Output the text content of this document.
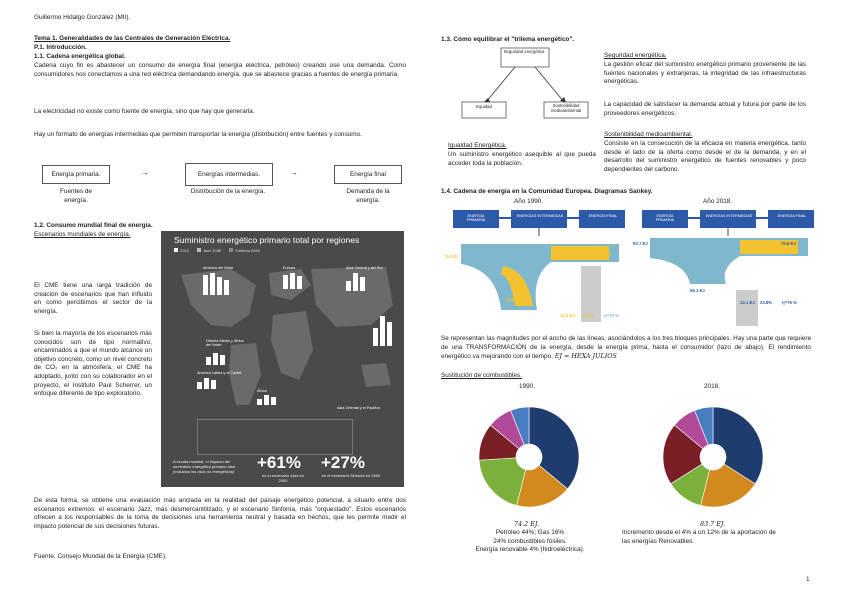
Guillermo Hidalgo González (MII).
Tema 1. Generalidades de las Centrales de Generación Eléctrica.
P.1. Introducción.
1.1. Cadena energética global.
Cadena cuyo fin es abastecer un consumo de energía final (energía eléctrica, petróleo) creando ose una demanda. Como consumidores nos conectamos a una red eléctrica demandando energía, que se abastece gracias a fuentes de energía primaria.
La electricidad no existe como fuente de energía, sino que hay que generarla.
Hay un formato de energías intermedias que permiten transportar la energía (distribución) entre fuentes y consumo.
Energía primaria.	→	Energías intermedias.	→	Energía final
Fuentes de energía.
Distribución de la energía.	Demanda de la energía.
1.2. Consumo mundial final de energía.
Escenarios mundiales de energía.
El CME tiene una larga tradición de creación de escenarios que han influido en como percibimos el sector de la energía.
Si bien la mayoría de los escenarios más conocidos son de tipo normativo, encaminados a que el mundo alcance un objetivo concreto, como un nivel concreto de CO₂ en la atmósfera, el CME ha adoptado, junto con su colaborador en el proyecto, el Instituto Paul Scherrer, un enfoque diferente de tipo exploratorio.
Suministro energético primario total por regiones
2010	Jazz 2050	Sinfonía 2050
América del Norte	Europa	Asia Central y del Sur
Oriente Medio y África del Norte
América Latina y el Caribe
África
Asia Oriental y el Pacífico
A escala mundial, el impacto del suministro energético primario total (incluidos los usos no energéticos)	+61%
en el escenario Jazz en 2050
+27%
en el escenario Sinfonía en 2050
De esta forma, se obtiene una evaluación más anclada en la realidad del paisaje energético potencial, a situarlo entre dos escenarios extremos: el escenario Jazz, más desmercantilizado, y el escenario Sinfonía, más "orquestado". Estos escenarios ofrecen a los responsables de la toma de decisiones una herramienta neutral y basada en hechos, que les permite medir el impacto potencial de sus decisiones futuras.
Fuente, Consejo Mundial de la Energía (CME).
1.3. Cómo equilibrar el "trilema energético".
Seguridad energética
Equidad	Sostenibilidad medioambiental
Seguridad energética.
La gestión eficaz del suministro energético primario proveniente de las fuentes nacionales y extranjeras, la integridad de las infraestructuras energéticas.
La capacidad de satisfacer la demanda actual y futura por parte de los proveedores energéticos.
Sostenibilidad medioambiental.
Consiste en la consecución de la eficacia en materia energética, tanto desde el lado de la oferta como desde el de la demanda, y en el desarrollo del suministro energético de fuentes renovables y poco dependientes del carbono.
Igualdad Energética.
Un suministro energético asequible al que pueda acceder toda la población.
1.4. Cadena de energía en la Comunidad Europea. Diagramas Sankey.
Año 1990.
ENERGÍA PRIMARIA
ENERGÍAS INTERMEDIAS	ENERGÍA FINAL
74.2 EJ	55.7 EJ
53.8 EJ
14.3 EJ 27.1% η=73 %
Año 2018.
ENERGÍA PRIMARIA
ENERGÍAS INTERMEDIAS	ENERGÍA FINAL
83.7 EJ	70.6 EJ
55.1 EJ
13.1 EJ 23.8% η=76 %
Se representan las magnitudes por el ancho de las líneas, asociándolos a los tres bloques principales. Hay una parte que requiere de una TRANSFORMACIÓN de la energía, desde la energía prima, hasta el consumidor (lazo de abajo). El rendimiento energético va mejorando con el tiempo. EJ = HEXA JULIOS
Sustitución de combustibles.
1990.	2018.
74.2 EJ.
Petróleo 44%; Gas 16%
24% combustibles fósiles.
Energía renovable 4% (hidroeléctrica).
83.7 EJ.
Incremento desde el 4% a un 12% de la aportación de
las energías Renovables.
1
